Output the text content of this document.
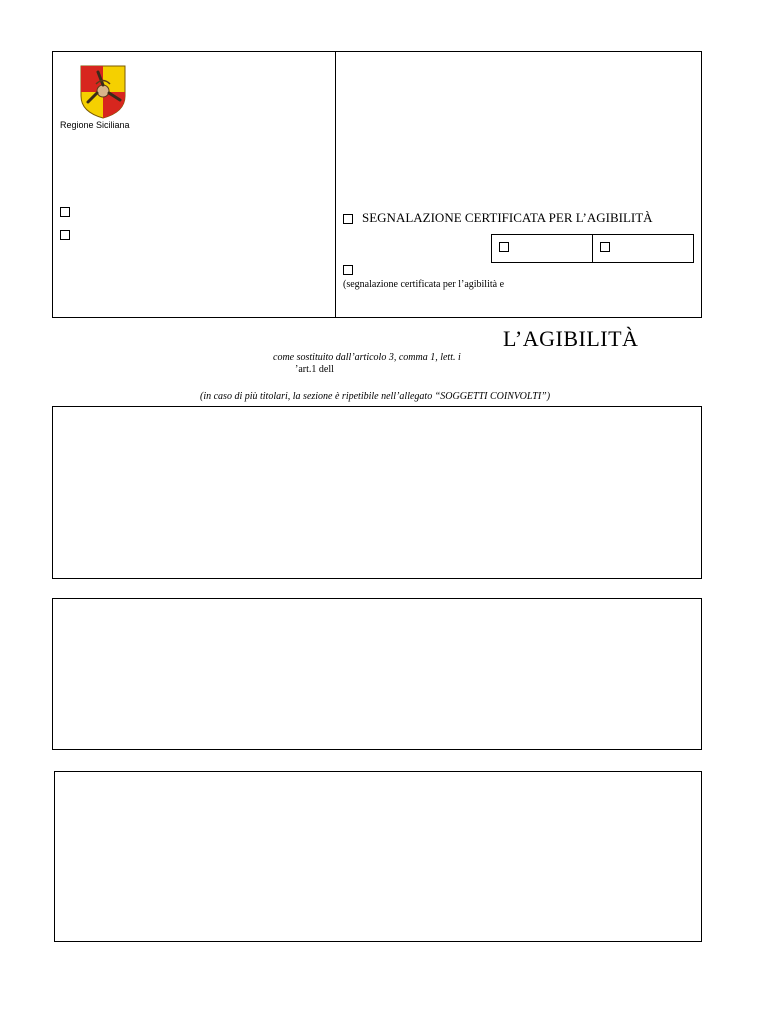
Regione Siciliana
SEGNALAZIONE CERTIFICATA PER L’AGIBILITÀ
(segnalazione certificata per l’agibilità e
L’AGIBILITÀ
come sostituito dall’articolo 3, comma 1, lett. i
’art.1 dell
(in caso di più titolari, la sezione è ripetibile nell’allegato “SOGGETTI COINVOLTI”)
